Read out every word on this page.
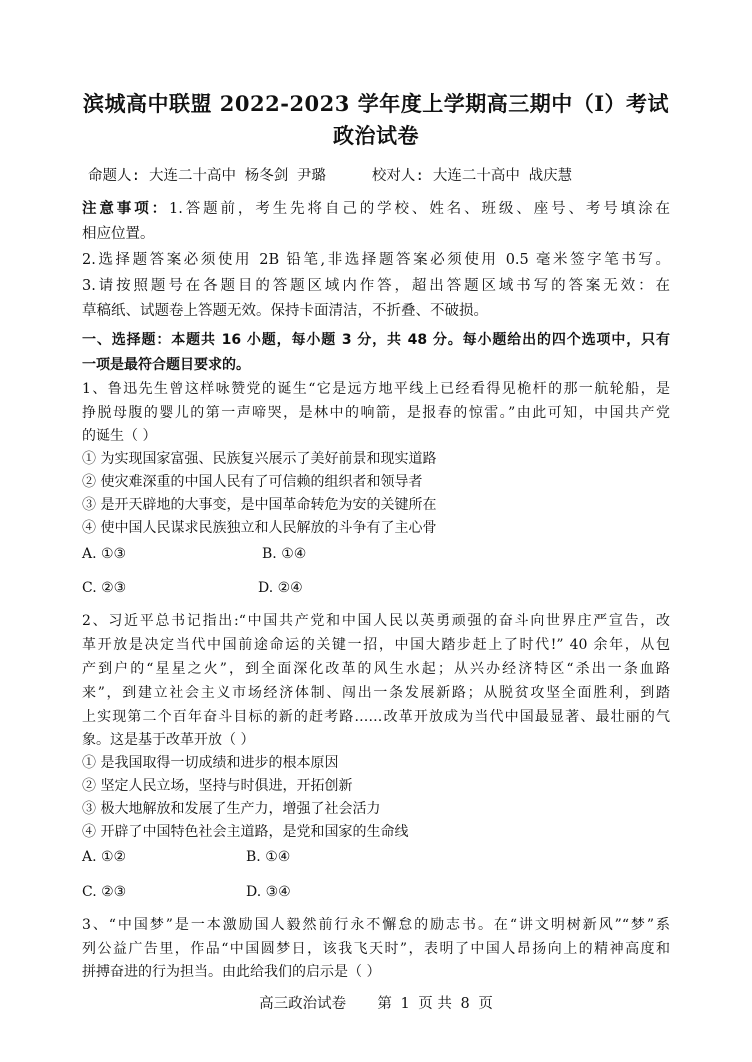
滨城高中联盟 2022-2023 学年度上学期高三期中（Ⅰ）考试
政治试卷
命题人: 大连二十高中 杨冬剑 尹璐	校对人: 大连二十高中 战庆慧
注意事项：1.答题前，考生先将自己的学校、姓名、班级、座号、考号填涂在
相应位置。
2.选择题答案必须使用 2B 铅笔,非选择题答案必须使用 0.5 毫米签字笔书写。
3.请按照题号在各题目的答题区域内作答，超出答题区域书写的答案无效：在
草稿纸、试题卷上答题无效。保持卡面清洁，不折叠、不破损。
一、选择题：本题共 16 小题，每小题 3 分，共 48 分。每小题给出的四个选项中，只有
一项是最符合题目要求的。
1、鲁迅先生曾这样咏赞党的诞生“它是远方地平线上已经看得见桅杆的那一航轮船，是
挣脱母腹的婴儿的第一声啼哭，是林中的响箭，是报春的惊雷。”由此可知，中国共产党
的诞生（ ）
① 为实现国家富强、民族复兴展示了美好前景和现实道路
② 使灾难深重的中国人民有了可信赖的组织者和领导者
③ 是开天辟地的大事变，是中国革命转危为安的关键所在
④ 使中国人民谋求民族独立和人民解放的斗争有了主心骨
A. ①③	B. ①④
C. ②③	D. ②④
2、习近平总书记指出:“中国共产党和中国人民以英勇顽强的奋斗向世界庄严宣告，改
革开放是决定当代中国前途命运的关键一招，中国大踏步赶上了时代!” 40 余年，从包
产到户的“星星之火”，到全面深化改革的风生水起；从兴办经济特区“杀出一条血路
来”，到建立社会主义市场经济体制、闯出一条发展新路；从脱贫攻坚全面胜利，到踏
上实现第二个百年奋斗目标的新的赶考路……改革开放成为当代中国最显著、最壮丽的气
象。这是基于改革开放（ ）
① 是我国取得一切成绩和进步的根本原因
② 坚定人民立场，坚持与时俱进，开拓创新
③ 极大地解放和发展了生产力，增强了社会活力
④ 开辟了中国特色社会主道路，是党和国家的生命线
A. ①②	B. ①④
C. ②③	D. ③④
3、“中国梦”是一本激励国人毅然前行永不懈怠的励志书。在“讲文明树新风”“梦”系
列公益广告里，作品“中国圆梦日，该我飞天时”，表明了中国人昂扬向上的精神高度和
拼搏奋进的行为担当。由此给我们的启示是（ ）
高三政治试卷 第 1 页 共 8 页
